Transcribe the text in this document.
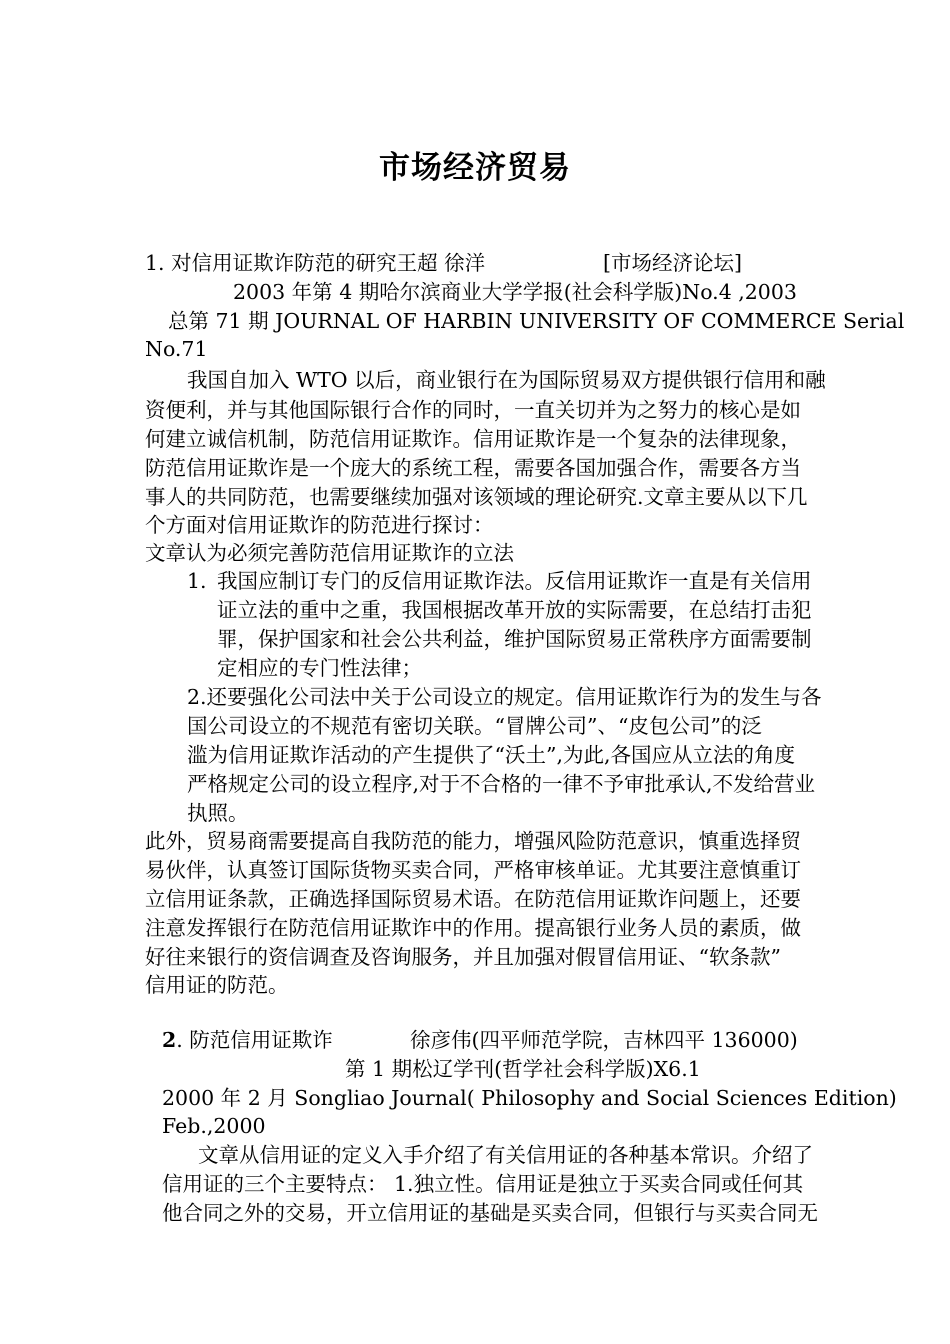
市场经济贸易
1. 对信用证欺诈防范的研究王超 徐洋	[市场经济论坛]
2003 年第 4 期哈尔滨商业大学学报(社会科学版)No.4 ,2003
总第 71 期 JOURNAL OF HARBIN UNIVERSITY OF COMMERCE Serial
No.71
我国自加入 WTO 以后，商业银行在为国际贸易双方提供银行信用和融
资便利，并与其他国际银行合作的同时，一直关切并为之努力的核心是如
何建立诚信机制，防范信用证欺诈。信用证欺诈是一个复杂的法律现象，
防范信用证欺诈是一个庞大的系统工程，需要各国加强合作，需要各方当
事人的共同防范，也需要继续加强对该领域的理论研究.文章主要从以下几
个方面对信用证欺诈的防范进行探讨：
文章认为必须完善防范信用证欺诈的立法
1. 我国应制订专门的反信用证欺诈法。反信用证欺诈一直是有关信用
证立法的重中之重，我国根据改革开放的实际需要，在总结打击犯
罪，保护国家和社会公共利益，维护国际贸易正常秩序方面需要制
定相应的专门性法律；
2.还要强化公司法中关于公司设立的规定。信用证欺诈行为的发生与各
国公司设立的不规范有密切关联。“冒牌公司”、“皮包公司”的泛
滥为信用证欺诈活动的产生提供了“沃土”,为此,各国应从立法的角度
严格规定公司的设立程序,对于不合格的一律不予审批承认,不发给营业
执照。
此外，贸易商需要提高自我防范的能力，增强风险防范意识，慎重选择贸
易伙伴，认真签订国际货物买卖合同，严格审核单证。尤其要注意慎重订
立信用证条款，正确选择国际贸易术语。在防范信用证欺诈问题上，还要
注意发挥银行在防范信用证欺诈中的作用。提高银行业务人员的素质，做
好往来银行的资信调查及咨询服务，并且加强对假冒信用证、“软条款”
信用证的防范。
2. 防范信用证欺诈	徐彦伟(四平师范学院，吉林四平 136000)
第 1 期松辽学刊(哲学社会科学版)X6.1
2000 年 2 月 Songliao Journal( Philosophy and Social Sciences Edition)
Feb.,2000
文章从信用证的定义入手介绍了有关信用证的各种基本常识。介绍了
信用证的三个主要特点： 1.独立性。信用证是独立于买卖合同或任何其
他合同之外的交易，开立信用证的基础是买卖合同，但银行与买卖合同无
